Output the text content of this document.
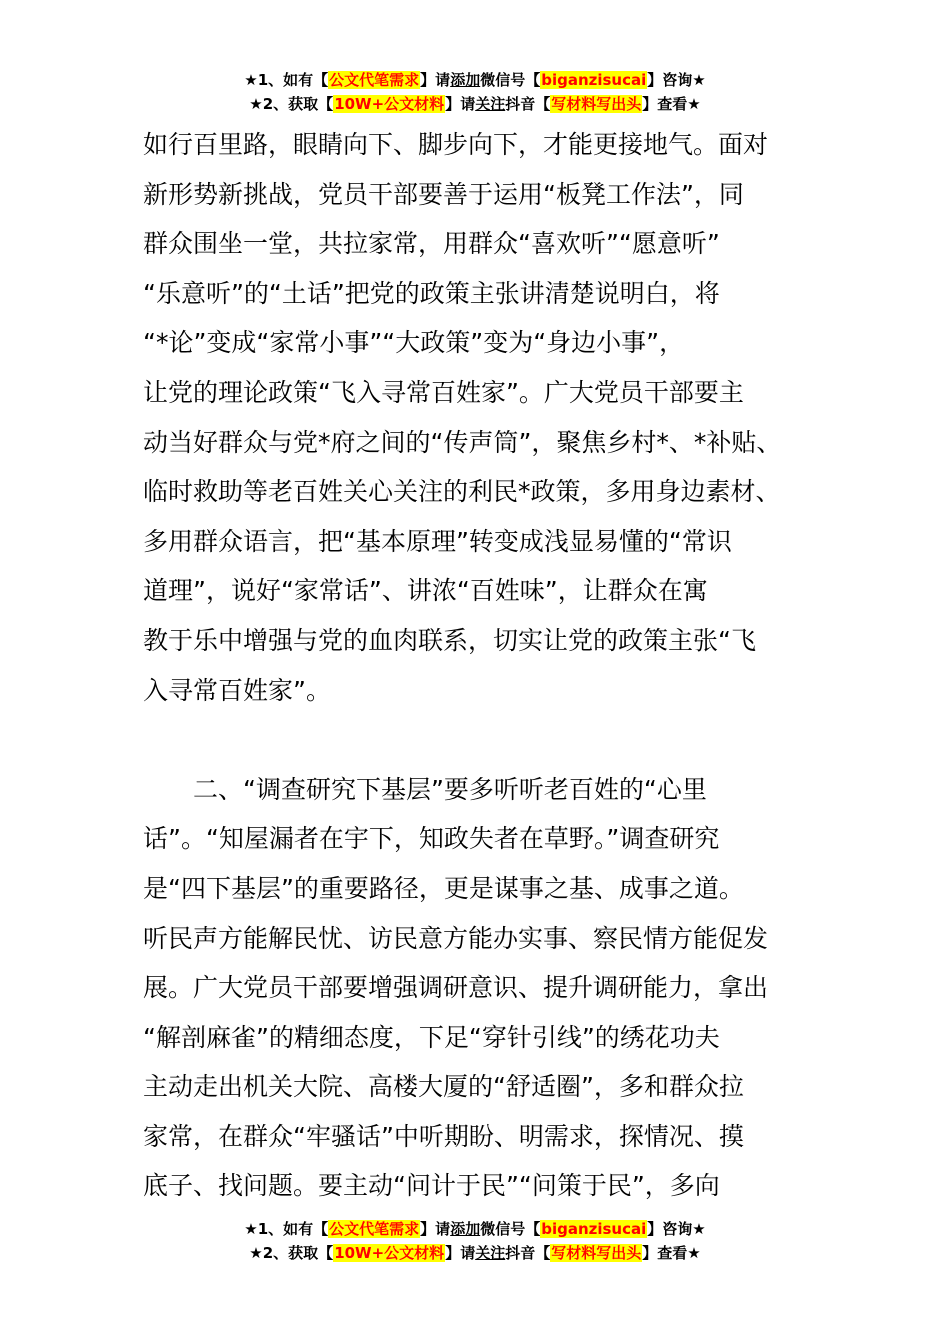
★1、如有【公文代笔需求】请添加微信号【biganzisucai】咨询★
★2、获取【10W+公文材料】请关注抖音【写材料写出头】查看★
如行百里路，眼睛向下、脚步向下，才能更接地气。面对
新形势新挑战，党员干部要善于运用“板凳工作法”，同
群众围坐一堂，共拉家常，用群众“喜欢听”“愿意听”
“乐意听”的“土话”把党的政策主张讲清楚说明白，将
“*论”变成“家常小事”“大政策”变为“身边小事”，
让党的理论政策“飞入寻常百姓家”。广大党员干部要主
动当好群众与党*府之间的“传声筒”，聚焦乡村*、*补贴、
临时救助等老百姓关心关注的利民*政策，多用身边素材、
多用群众语言，把“基本原理”转变成浅显易懂的“常识
道理”，说好“家常话”、讲浓“百姓味”，让群众在寓
教于乐中增强与党的血肉联系，切实让党的政策主张“飞
入寻常百姓家”。
　　二、“调查研究下基层”要多听听老百姓的“心里
话”。“知屋漏者在宇下，知政失者在草野。”调查研究
是“四下基层”的重要路径，更是谋事之基、成事之道。
听民声方能解民忧、访民意方能办实事、察民情方能促发
展。广大党员干部要增强调研意识、提升调研能力，拿出
“解剖麻雀”的精细态度，下足“穿针引线”的绣花功夫
主动走出机关大院、高楼大厦的“舒适圈”，多和群众拉
家常，在群众“牢骚话”中听期盼、明需求，探情况、摸
底子、找问题。要主动“问计于民”“问策于民”，多向
★1、如有【公文代笔需求】请添加微信号【biganzisucai】咨询★
★2、获取【10W+公文材料】请关注抖音【写材料写出头】查看★
